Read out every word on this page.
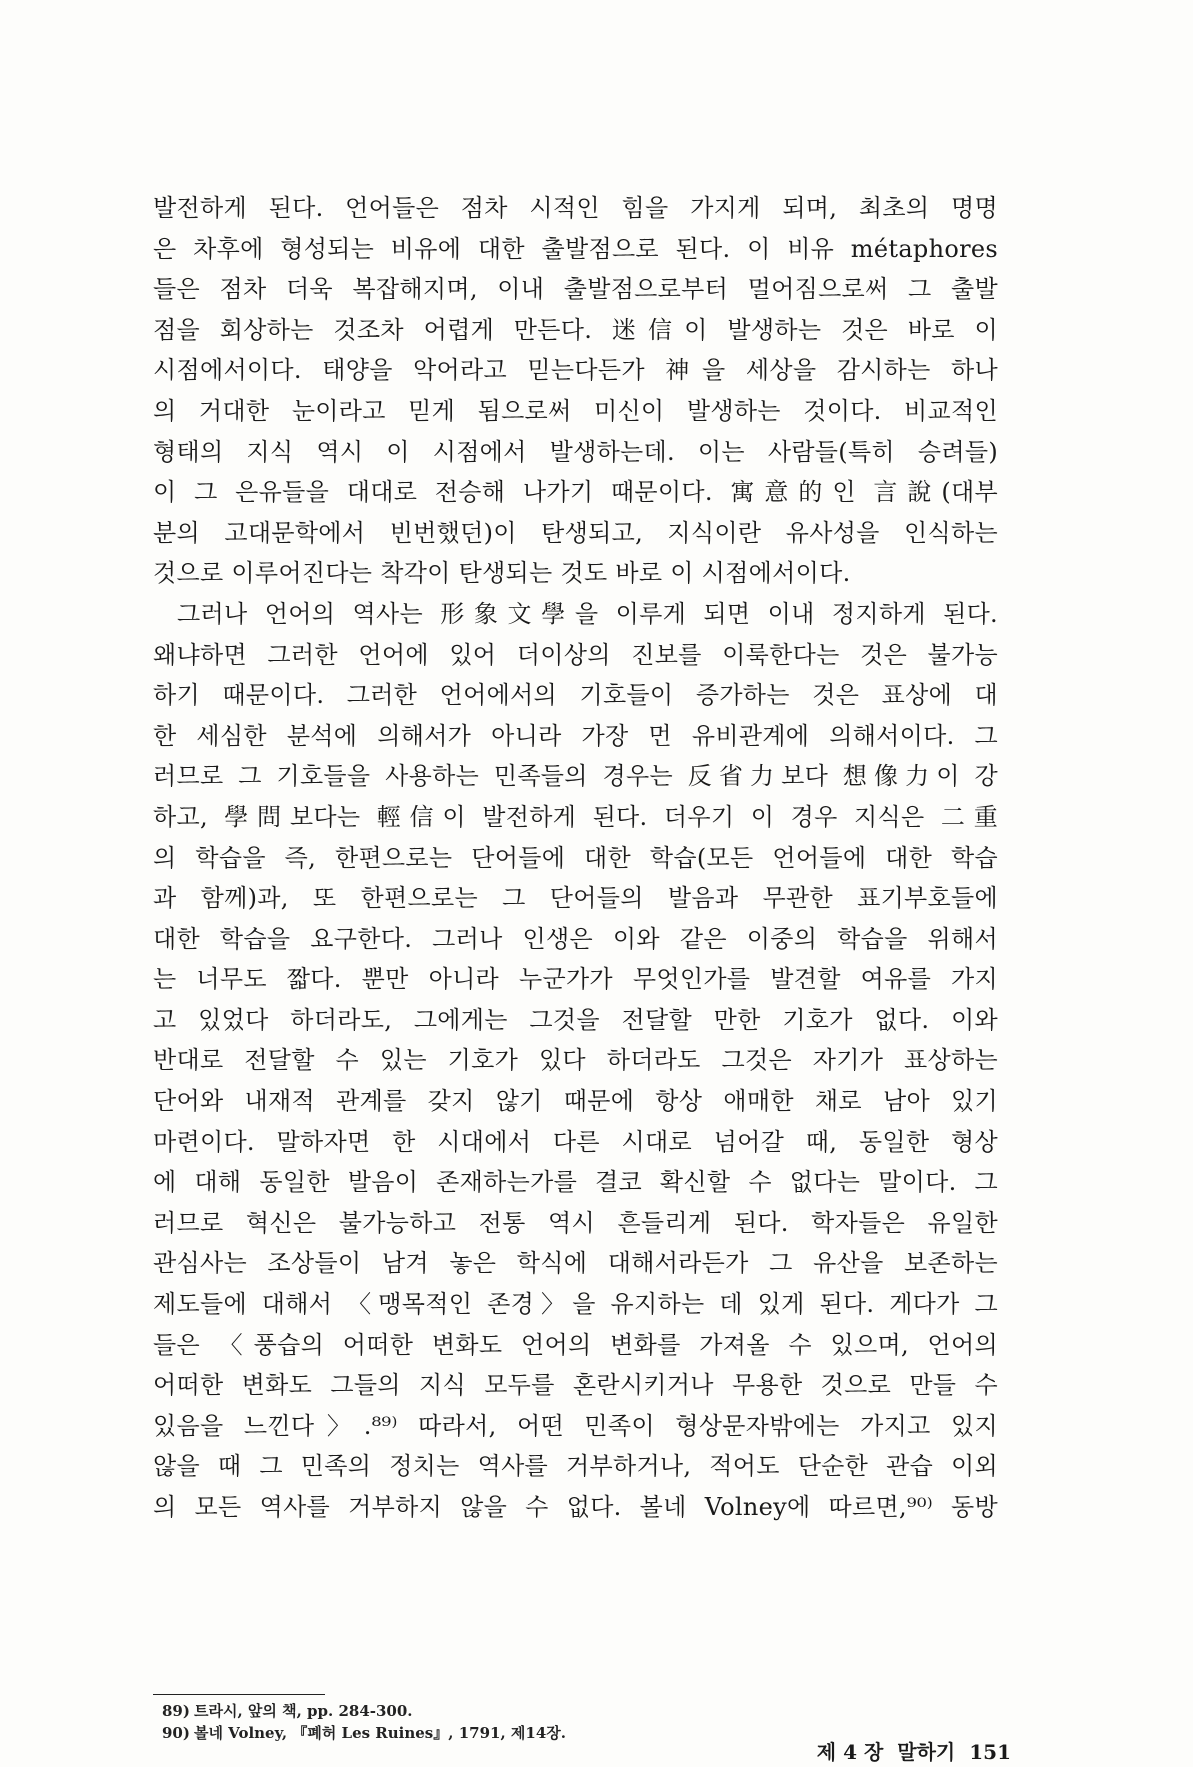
발전하게 된다. 언어들은 점차 시적인 힘을 가지게 되며, 최초의 명명
은 차후에 형성되는 비유에 대한 출발점으로 된다. 이 비유 métaphores
들은 점차 더욱 복잡해지며, 이내 출발점으로부터 멀어짐으로써 그 출발
점을 회상하는 것조차 어렵게 만든다. 迷信이 발생하는 것은 바로 이
시점에서이다. 태양을 악어라고 믿는다든가 神을 세상을 감시하는 하나
의 거대한 눈이라고 믿게 됨으로써 미신이 발생하는 것이다. 비교적인
형태의 지식 역시 이 시점에서 발생하는데. 이는 사람들(특히 승려들)
이 그 은유들을 대대로 전승해 나가기 때문이다. 寓意的인 言說(대부
분의 고대문학에서 빈번했던)이 탄생되고, 지식이란 유사성을 인식하는
것으로 이루어진다는 착각이 탄생되는 것도 바로 이 시점에서이다.
그러나 언어의 역사는 形象文學을 이루게 되면 이내 정지하게 된다.
왜냐하면 그러한 언어에 있어 더이상의 진보를 이룩한다는 것은 불가능
하기 때문이다. 그러한 언어에서의 기호들이 증가하는 것은 표상에 대
한 세심한 분석에 의해서가 아니라 가장 먼 유비관계에 의해서이다. 그
러므로 그 기호들을 사용하는 민족들의 경우는 反省力보다 想像力이 강
하고, 學問보다는 輕信이 발전하게 된다. 더우기 이 경우 지식은 二重
의 학습을 즉, 한편으로는 단어들에 대한 학습(모든 언어들에 대한 학습
과 함께)과, 또 한편으로는 그 단어들의 발음과 무관한 표기부호들에
대한 학습을 요구한다. 그러나 인생은 이와 같은 이중의 학습을 위해서
는 너무도 짧다. 뿐만 아니라 누군가가 무엇인가를 발견할 여유를 가지
고 있었다 하더라도, 그에게는 그것을 전달할 만한 기호가 없다. 이와
반대로 전달할 수 있는 기호가 있다 하더라도 그것은 자기가 표상하는
단어와 내재적 관계를 갖지 않기 때문에 항상 애매한 채로 남아 있기
마련이다. 말하자면 한 시대에서 다른 시대로 넘어갈 때, 동일한 형상
에 대해 동일한 발음이 존재하는가를 결코 확신할 수 없다는 말이다. 그
러므로 혁신은 불가능하고 전통 역시 흔들리게 된다. 학자들은 유일한
관심사는 조상들이 남겨 놓은 학식에 대해서라든가 그 유산을 보존하는
제도들에 대해서 〈맹목적인 존경〉을 유지하는 데 있게 된다. 게다가 그
들은 〈풍습의 어떠한 변화도 언어의 변화를 가져올 수 있으며, 언어의
어떠한 변화도 그들의 지식 모두를 혼란시키거나 무용한 것으로 만들 수
있음을 느낀다〉.⁸⁹⁾ 따라서, 어떤 민족이 형상문자밖에는 가지고 있지
않을 때 그 민족의 정치는 역사를 거부하거나, 적어도 단순한 관습 이외
의 모든 역사를 거부하지 않을 수 없다. 볼네 Volney에 따르면,⁹⁰⁾ 동방
89) 트라시, 앞의 책, pp. 284-300.
90) 볼네 Volney, 『폐허 Les Ruines』, 1791, 제14장.
제 4 장 말하기 151
